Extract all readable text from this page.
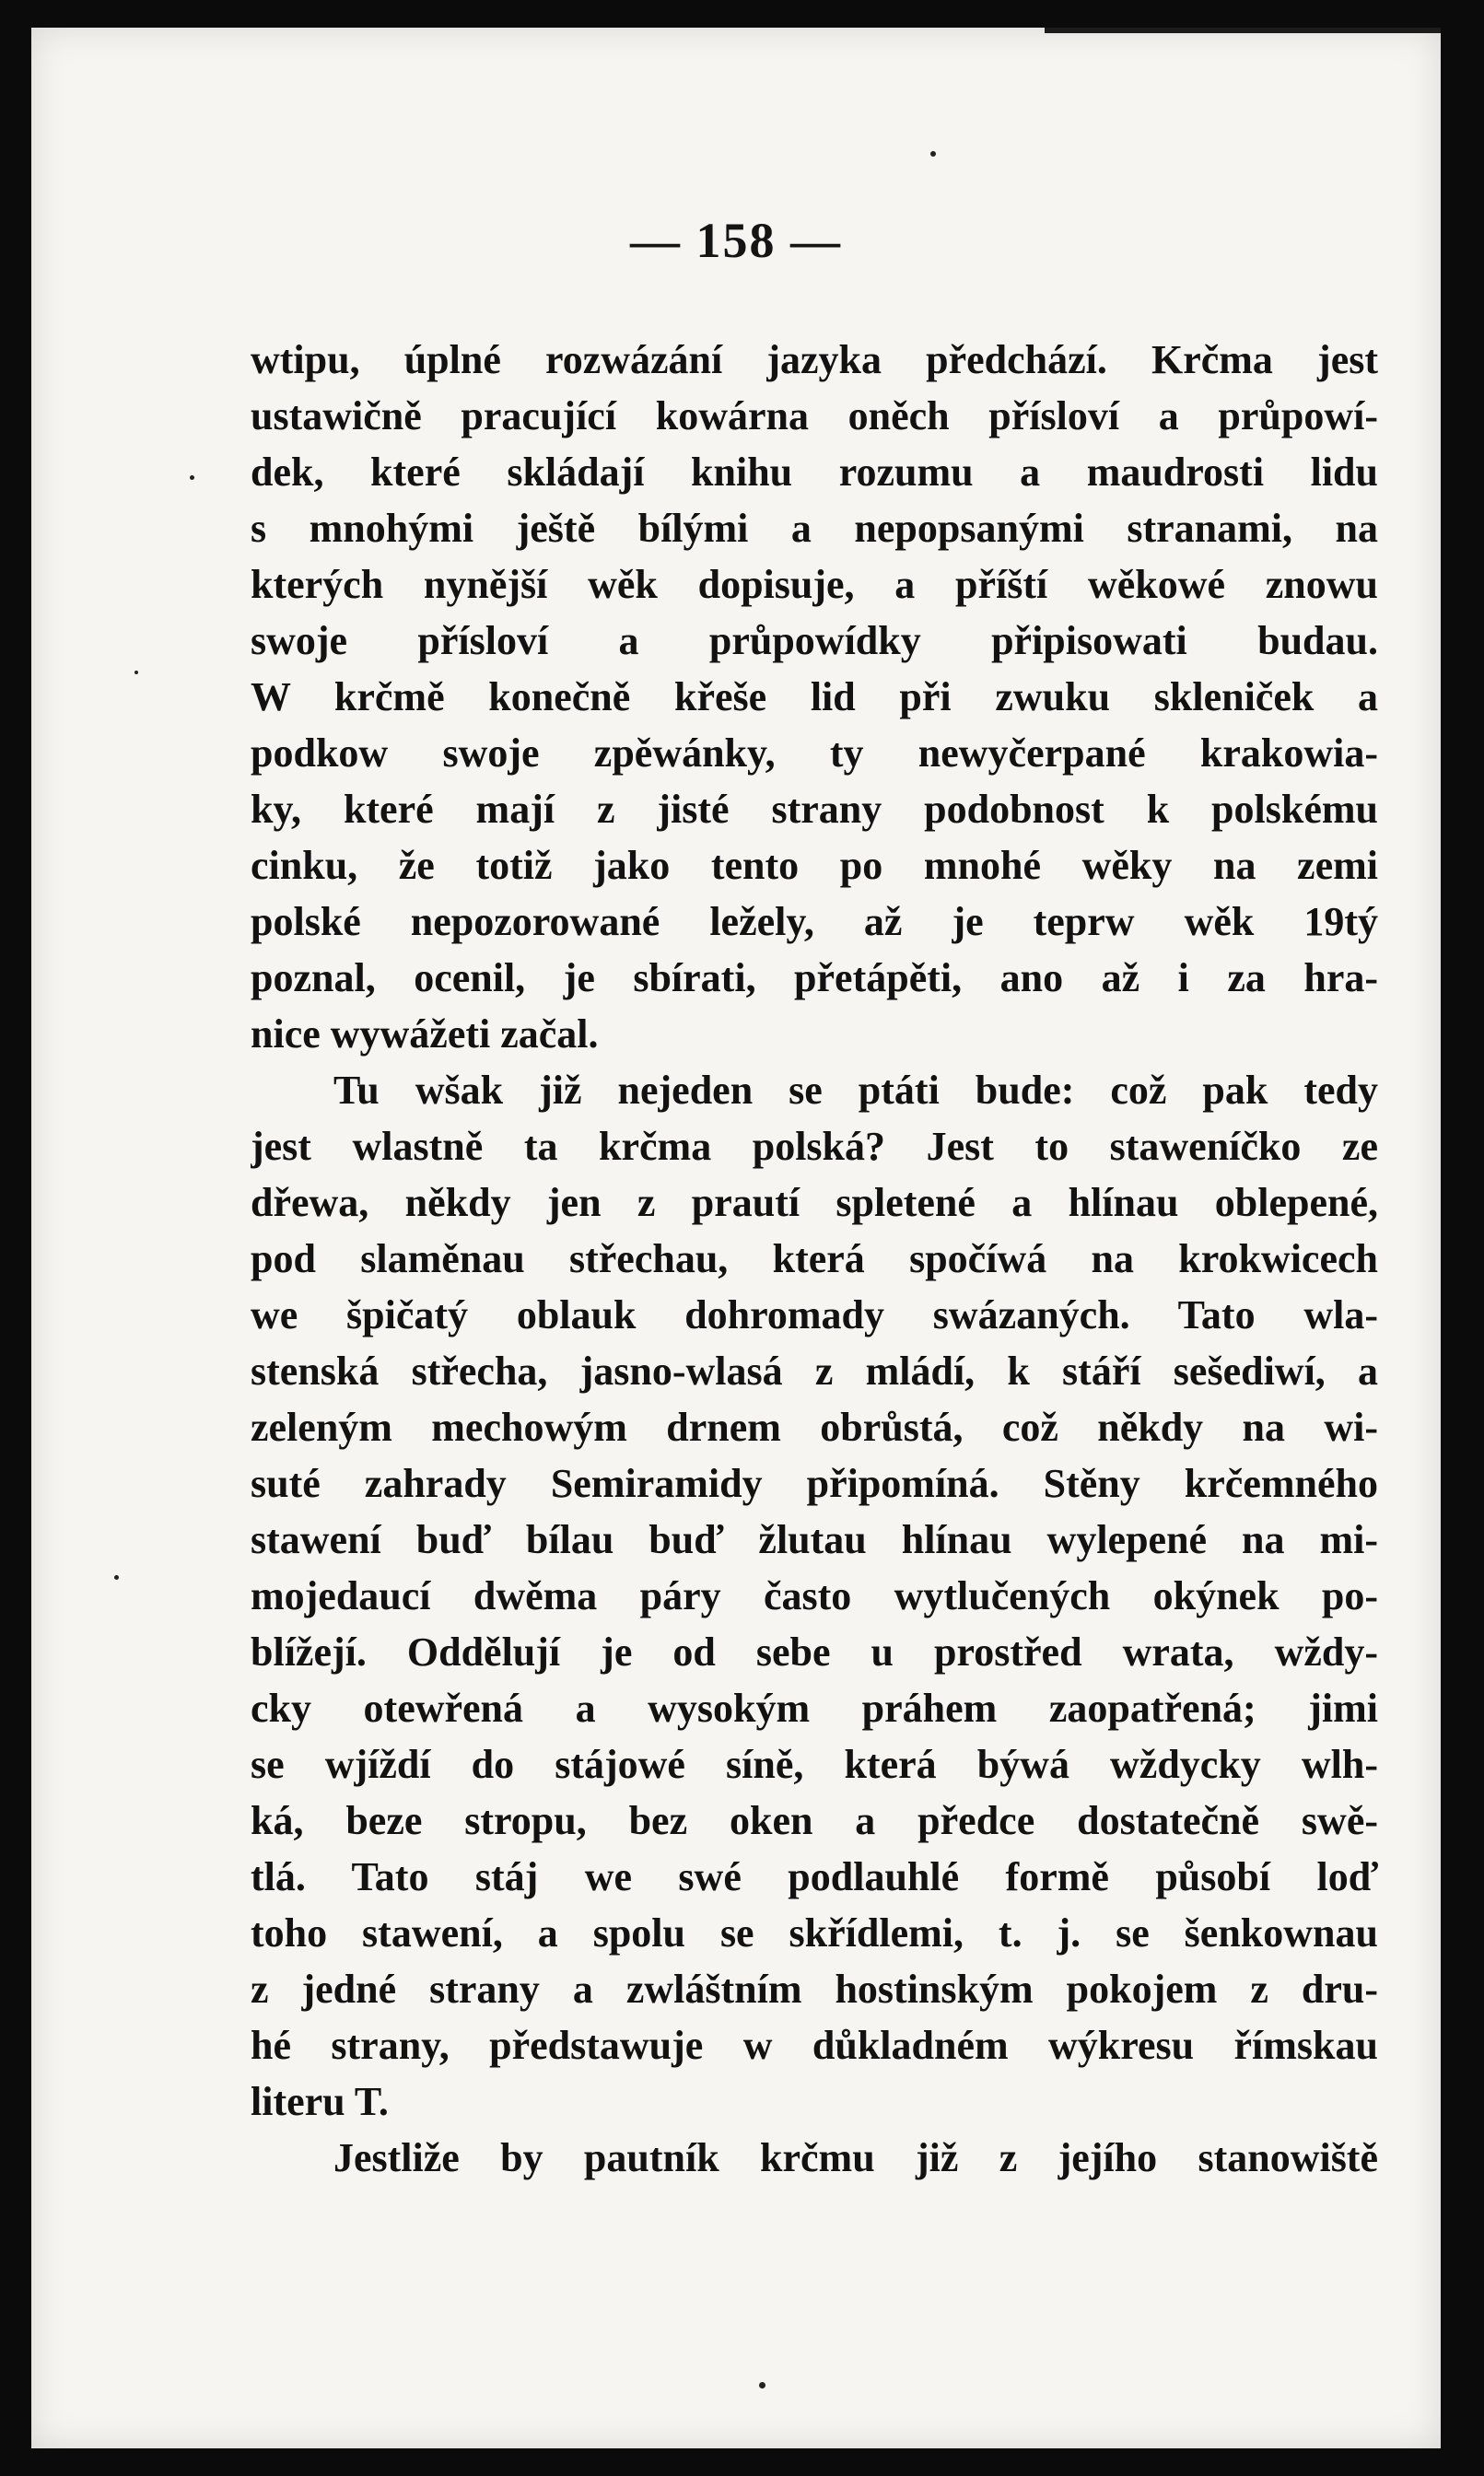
— 158 —
wtipu, úplné rozwázání jazyka předchází. Krčma jest
ustawičně pracující kowárna oněch přísloví a průpowí-
dek, které skládají knihu rozumu a maudrosti lidu
s mnohými ještě bílými a nepopsanými stranami, na
kterých nynější wěk dopisuje, a příští wěkowé znowu
swoje přísloví a průpowídky připisowati budau.
W krčmě konečně křeše lid při zwuku skleniček a
podkow swoje zpěwánky, ty newyčerpané krakowia-
ky, které mají z jisté strany podobnost k polskému
cinku, že totiž jako tento po mnohé wěky na zemi
polské nepozorowané ležely, až je teprw wěk 19tý
poznal, ocenil, je sbírati, přetápěti, ano až i za hra-
nice wywážeti začal.
Tu wšak již nejeden se ptáti bude: což pak tedy
jest wlastně ta krčma polská? Jest to staweníčko ze
dřewa, někdy jen z prautí spletené a hlínau oblepené,
pod slaměnau střechau, která spočíwá na krokwicech
we špičatý oblauk dohromady swázaných. Tato wla-
stenská střecha, jasno-wlasá z mládí, k stáří sešediwí, a
zeleným mechowým drnem obrůstá, což někdy na wi-
suté zahrady Semiramidy připomíná. Stěny krčemného
stawení buď bílau buď žlutau hlínau wylepené na mi-
mojedaucí dwěma páry často wytlučených okýnek po-
blížejí. Oddělují je od sebe u prostřed wrata, wždy-
cky otewřená a wysokým práhem zaopatřená; jimi
se wjíždí do stájowé síně, která býwá wždycky wlh-
ká, beze stropu, bez oken a předce dostatečně swě-
tlá. Tato stáj we swé podlauhlé formě působí loď
toho stawení, a spolu se skřídlemi, t. j. se šenkownau
z jedné strany a zwláštním hostinským pokojem z dru-
hé strany, předstawuje w důkladném wýkresu římskau
literu T.
Jestliže by pautník krčmu již z jejího stanowiště
